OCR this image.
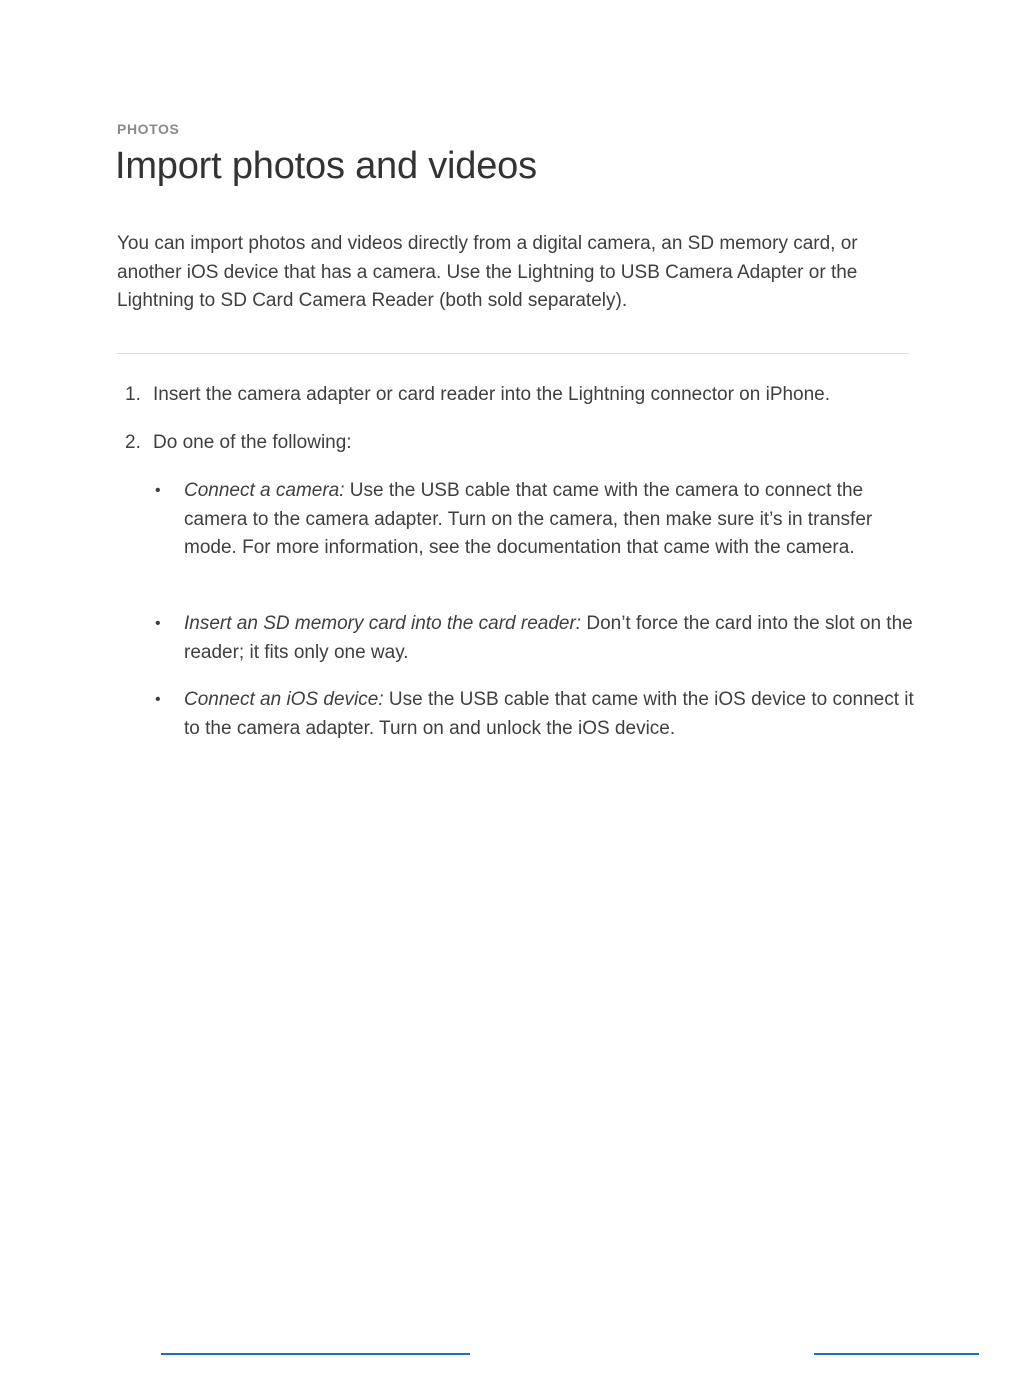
PHOTOS

Import photos and videos

You can import photos and videos directly from a digital camera, an SD memory card, or another iOS device that has a camera. Use the Lightning to USB Camera Adapter or the Lightning to SD Card Camera Reader (both sold separately).

1. Insert the camera adapter or card reader into the Lightning connector on iPhone.
2. Do one of the following:
•	Connect a camera: Use the USB cable that came with the camera to connect the camera to the camera adapter. Turn on the camera, then make sure it’s in transfer mode. For more information, see the documentation that came with the camera.
•	Insert an SD memory card into the card reader: Don’t force the card into the slot on the reader; it fits only one way.
•	Connect an iOS device: Use the USB cable that came with the iOS device to connect it to the camera adapter. Turn on and unlock the iOS device.
